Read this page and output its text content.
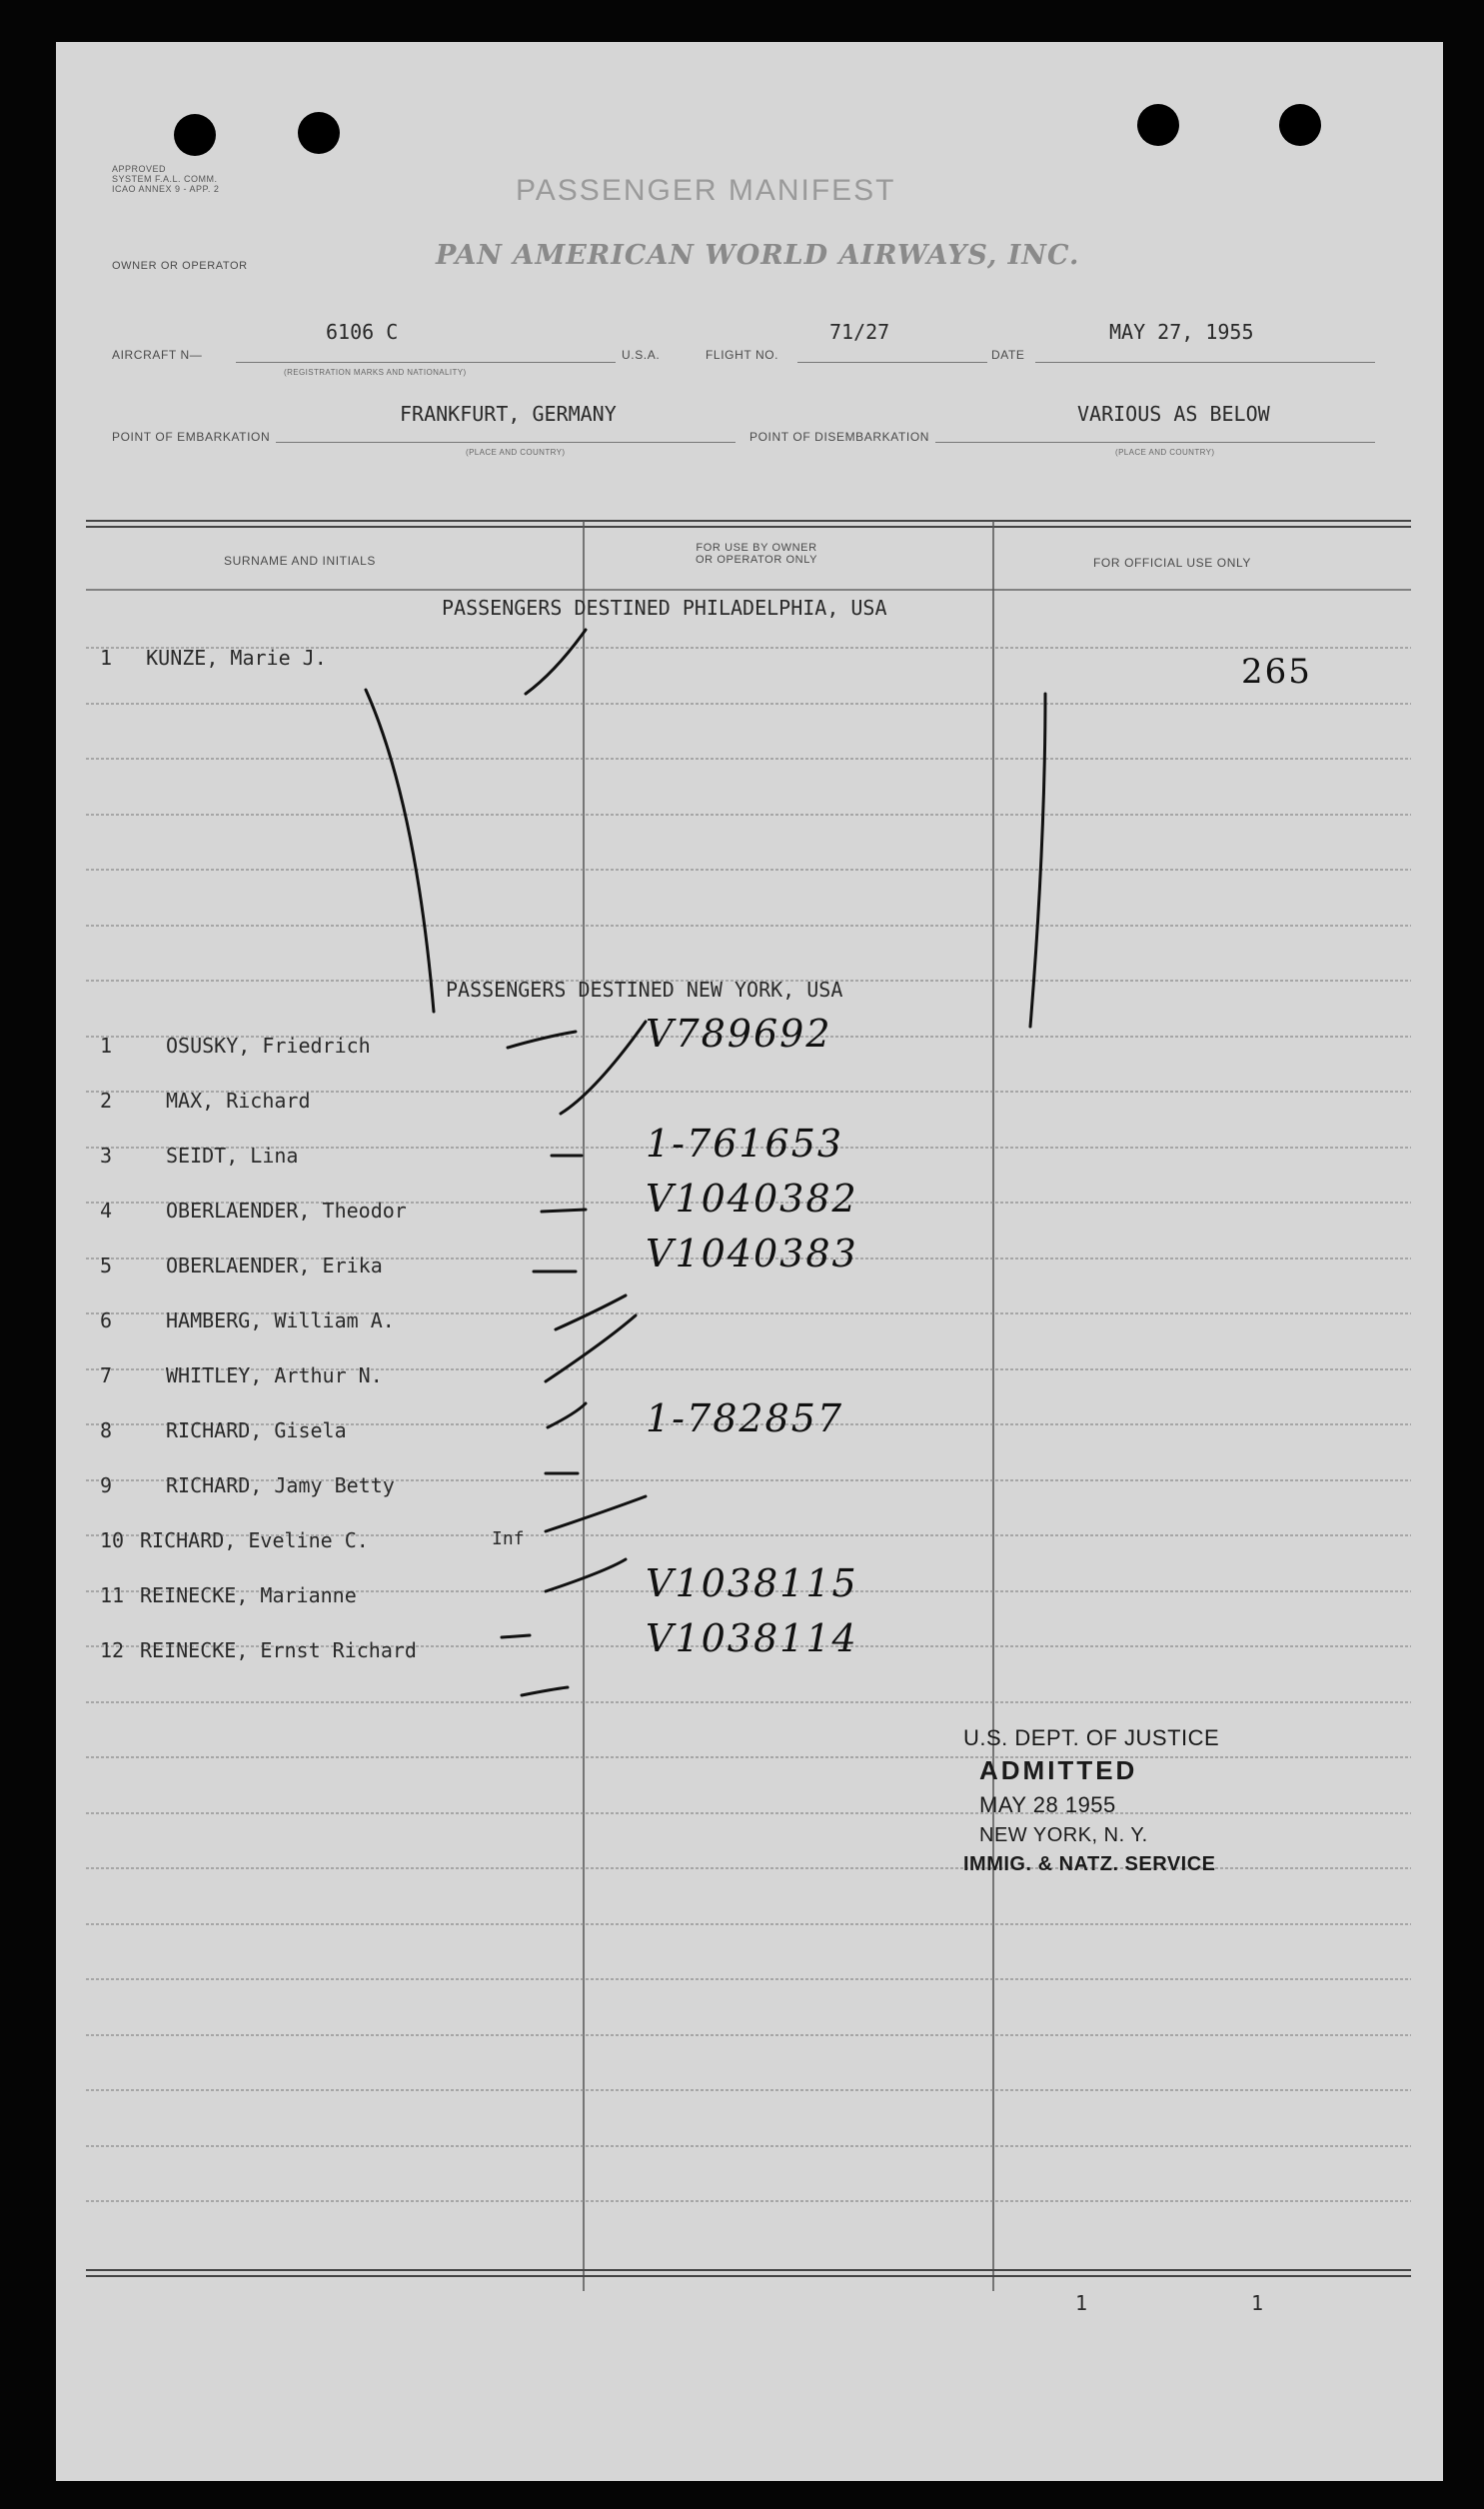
APPROVED
SYSTEM F.A.L. COMM.
ICAO ANNEX 9 - APP. 2	PASSENGER MANIFEST
OWNER OR OPERATOR	PAN AMERICAN WORLD AIRWAYS, INC.
AIRCRAFT N—
6106 C
(REGISTRATION MARKS AND NATIONALITY)
U.S.A.	FLIGHT NO.
71/27
DATE
MAY 27, 1955
POINT OF EMBARKATION
FRANKFURT, GERMANY
(PLACE AND COUNTRY)
POINT OF DISEMBARKATION
VARIOUS AS BELOW
(PLACE AND COUNTRY)
SURNAME AND INITIALS
FOR USE BY OWNER
OR OPERATOR ONLY	FOR OFFICIAL USE ONLY
PASSENGERS DESTINED PHILADELPHIA, USA
1 KUNZE, Marie J.	265
PASSENGERS DESTINED NEW YORK, USA
1	OSUSKY, Friedrich	V789692
2	MAX, Richard
3	SEIDT, Lina	1-761653
4	OBERLAENDER, Theodor	V1040382
5	OBERLAENDER, Erika	V1040383
6	HAMBERG, William A.
7	WHITLEY, Arthur N.
8	RICHARD, Gisela	1-782857
9	RICHARD, Jamy Betty
10 RICHARD, Eveline C.	Inf
11 REINECKE, Marianne	V1038115
12 REINECKE, Ernst Richard	V1038114
U.S. DEPT. OF JUSTICE
ADMITTED
MAY 28 1955
NEW YORK, N. Y.
IMMIG. & NATZ. SERVICE
1	1
